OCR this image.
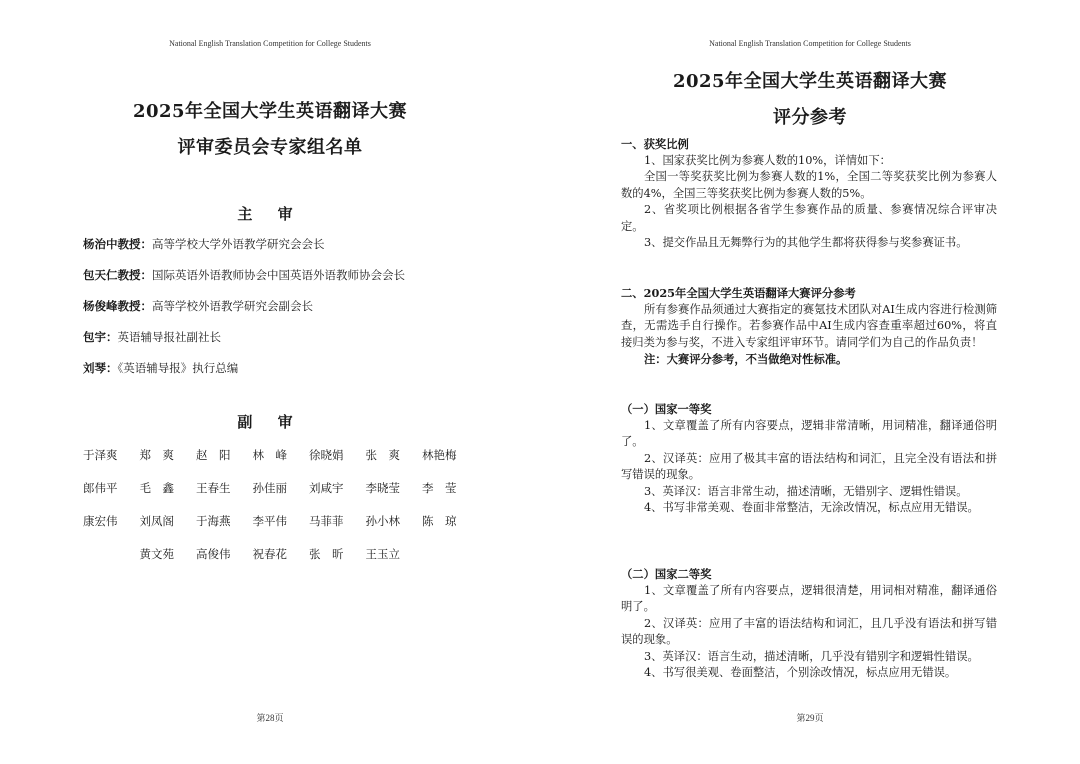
National English Translation Competition for College Students
2025年全国大学生英语翻译大赛
评审委员会专家组名单
主 审
杨治中教授：高等学校大学外语教学研究会会长
包天仁教授：国际英语外语教师协会中国英语外语教师协会会长
杨俊峰教授：高等学校外语教学研究会副会长
包宇：英语辅导报社副社长
刘琴：《英语辅导报》执行总编
副 审
于泽爽 郑　爽 赵　阳 林　峰 徐晓娟 张　爽 林艳梅
郎伟平 毛　鑫 王春生 孙佳丽 刘咸宇 李晓莹 李　莹
康宏伟 刘凤阁 于海燕 李平伟 马菲菲 孙小林 陈　琼
黄文苑 高俊伟 祝春花 张　昕 王玉立
第28页
National English Translation Competition for College Students
2025年全国大学生英语翻译大赛
评分参考
第29页
一、获奖比例
1、国家获奖比例为参赛人数的10%，详情如下：
全国一等奖获奖比例为参赛人数的1%，全国二等奖获奖比例为参赛人数的4%，全国三等奖获奖比例为参赛人数的5%。
2、省奖项比例根据各省学生参赛作品的质量、参赛情况综合评审决定。
3、提交作品且无舞弊行为的其他学生都将获得参与奖参赛证书。
二、2025年全国大学生英语翻译大赛评分参考
所有参赛作品须通过大赛指定的赛氪技术团队对AI生成内容进行检测筛查，无需选手自行操作。若参赛作品中AI生成内容查重率超过60%，将直接归类为参与奖，不进入专家组评审环节。请同学们为自己的作品负责！
注：大赛评分参考，不当做绝对性标准。
（一）国家一等奖
1、文章覆盖了所有内容要点，逻辑非常清晰，用词精准，翻译通俗明了。
2、汉译英：应用了极其丰富的语法结构和词汇，且完全没有语法和拼写错误的现象。
3、英译汉：语言非常生动，描述清晰，无错别字、逻辑性错误。
4、书写非常美观、卷面非常整洁，无涂改情况，标点应用无错误。
（二）国家二等奖
1、文章覆盖了所有内容要点，逻辑很清楚，用词相对精准，翻译通俗明了。
2、汉译英：应用了丰富的语法结构和词汇，且几乎没有语法和拼写错误的现象。
3、英译汉：语言生动，描述清晰，几乎没有错别字和逻辑性错误。
4、书写很美观、卷面整洁，个别涂改情况，标点应用无错误。
